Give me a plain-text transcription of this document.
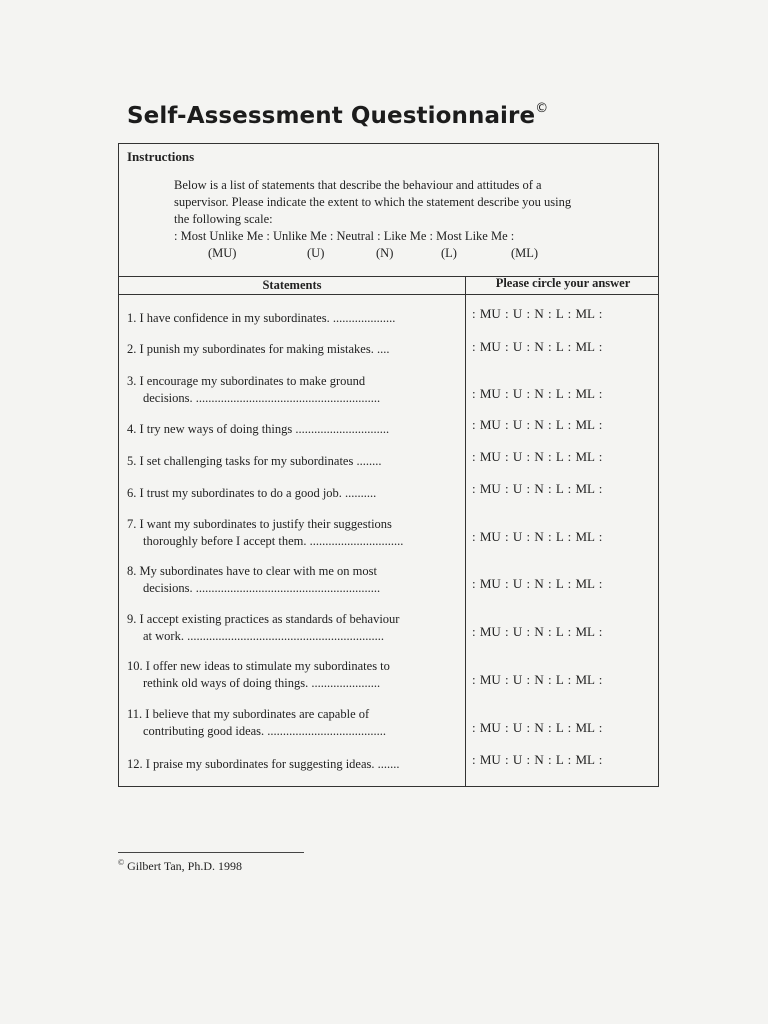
Self-Assessment Questionnaire©
Instructions
Below is a list of statements that describe the behaviour and attitudes of a
supervisor. Please indicate the extent to which the statement describe you using
the following scale:
: Most Unlike Me : Unlike Me : Neutral : Like Me : Most Like Me :
(MU)	(U)	(N)	(L)	(ML)
Statements	Please circle your answer
1. I have confidence in my subordinates. ....................	: MU : U : N : L : ML :
2. I punish my subordinates for making mistakes. ....	: MU : U : N : L : ML :
3. I encourage my subordinates to make ground
decisions. ...........................................................	: MU : U : N : L : ML :
4. I try new ways of doing things ..............................	: MU : U : N : L : ML :
5. I set challenging tasks for my subordinates ........	: MU : U : N : L : ML :
6. I trust my subordinates to do a good job. ..........	: MU : U : N : L : ML :
7. I want my subordinates to justify their suggestions
thoroughly before I accept them. ..............................	: MU : U : N : L : ML :
8. My subordinates have to clear with me on most
decisions. ...........................................................	: MU : U : N : L : ML :
9. I accept existing practices as standards of behaviour
at work. ...............................................................	: MU : U : N : L : ML :
10. I offer new ideas to stimulate my subordinates to
rethink old ways of doing things. ......................	: MU : U : N : L : ML :
11. I believe that my subordinates are capable of
contributing good ideas. ......................................	: MU : U : N : L : ML :
12. I praise my subordinates for suggesting ideas. .......	: MU : U : N : L : ML :
© Gilbert Tan, Ph.D. 1998
